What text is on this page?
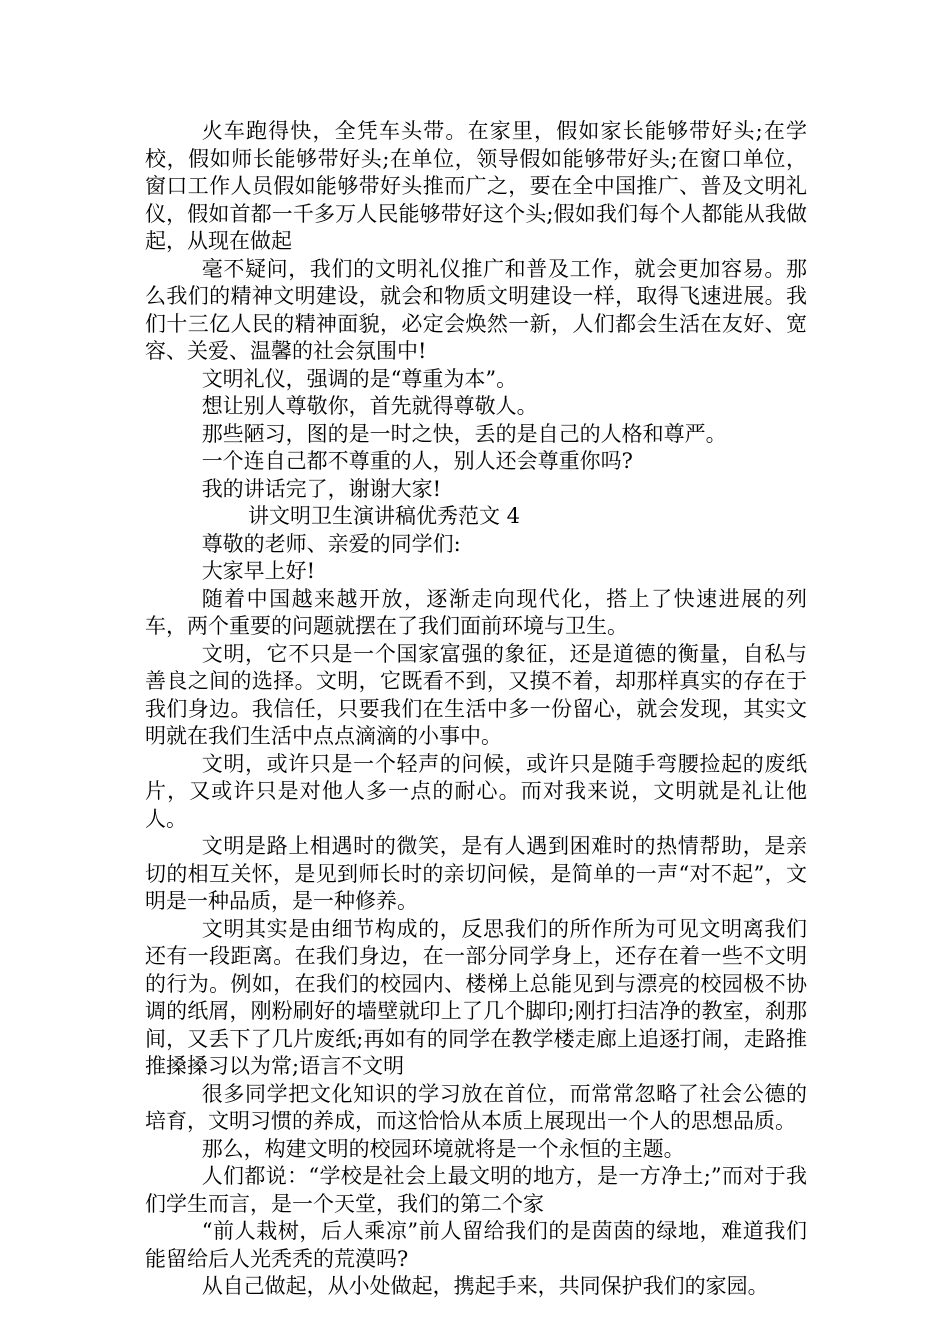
火车跑得快，全凭车头带。在家里，假如家长能够带好头;在学校，假如师长能够带好头;在单位，领导假如能够带好头;在窗口单位，窗口工作人员假如能够带好头推而广之，要在全中国推广、普及文明礼仪，假如首都一千多万人民能够带好这个头;假如我们每个人都能从我做起，从现在做起

毫不疑问，我们的文明礼仪推广和普及工作，就会更加容易。那么我们的精神文明建设，就会和物质文明建设一样，取得飞速进展。我们十三亿人民的精神面貌，必定会焕然一新，人们都会生活在友好、宽容、关爱、温馨的社会氛围中!

文明礼仪，强调的是“尊重为本”。

想让别人尊敬你，首先就得尊敬人。

那些陋习，图的是一时之快，丢的是自己的人格和尊严。

一个连自己都不尊重的人，别人还会尊重你吗?

我的讲话完了，谢谢大家!

讲文明卫生演讲稿优秀范文 4

尊敬的老师、亲爱的同学们:

大家早上好!

随着中国越来越开放，逐渐走向现代化，搭上了快速进展的列车，两个重要的问题就摆在了我们面前环境与卫生。

文明，它不只是一个国家富强的象征，还是道德的衡量，自私与善良之间的选择。文明，它既看不到，又摸不着，却那样真实的存在于我们身边。我信任，只要我们在生活中多一份留心，就会发现，其实文明就在我们生活中点点滴滴的小事中。

文明，或许只是一个轻声的问候，或许只是随手弯腰捡起的废纸片，又或许只是对他人多一点的耐心。而对我来说，文明就是礼让他人。

文明是路上相遇时的微笑，是有人遇到困难时的热情帮助，是亲切的相互关怀，是见到师长时的亲切问候，是简单的一声“对不起”，文明是一种品质，是一种修养。

文明其实是由细节构成的，反思我们的所作所为可见文明离我们还有一段距离。在我们身边，在一部分同学身上，还存在着一些不文明的行为。例如，在我们的校园内、楼梯上总能见到与漂亮的校园极不协调的纸屑，刚粉刷好的墙壁就印上了几个脚印;刚打扫洁净的教室，刹那间，又丢下了几片废纸;再如有的同学在教学楼走廊上追逐打闹，走路推推搡搡习以为常;语言不文明

很多同学把文化知识的学习放在首位，而常常忽略了社会公德的培育，文明习惯的养成，而这恰恰从本质上展现出一个人的思想品质。

那么，构建文明的校园环境就将是一个永恒的主题。

人们都说：“学校是社会上最文明的地方，是一方净土;”而对于我们学生而言，是一个天堂，我们的第二个家

“前人栽树，后人乘凉”前人留给我们的是茵茵的绿地，难道我们能留给后人光秃秃的荒漠吗?

从自己做起，从小处做起，携起手来，共同保护我们的家园。
